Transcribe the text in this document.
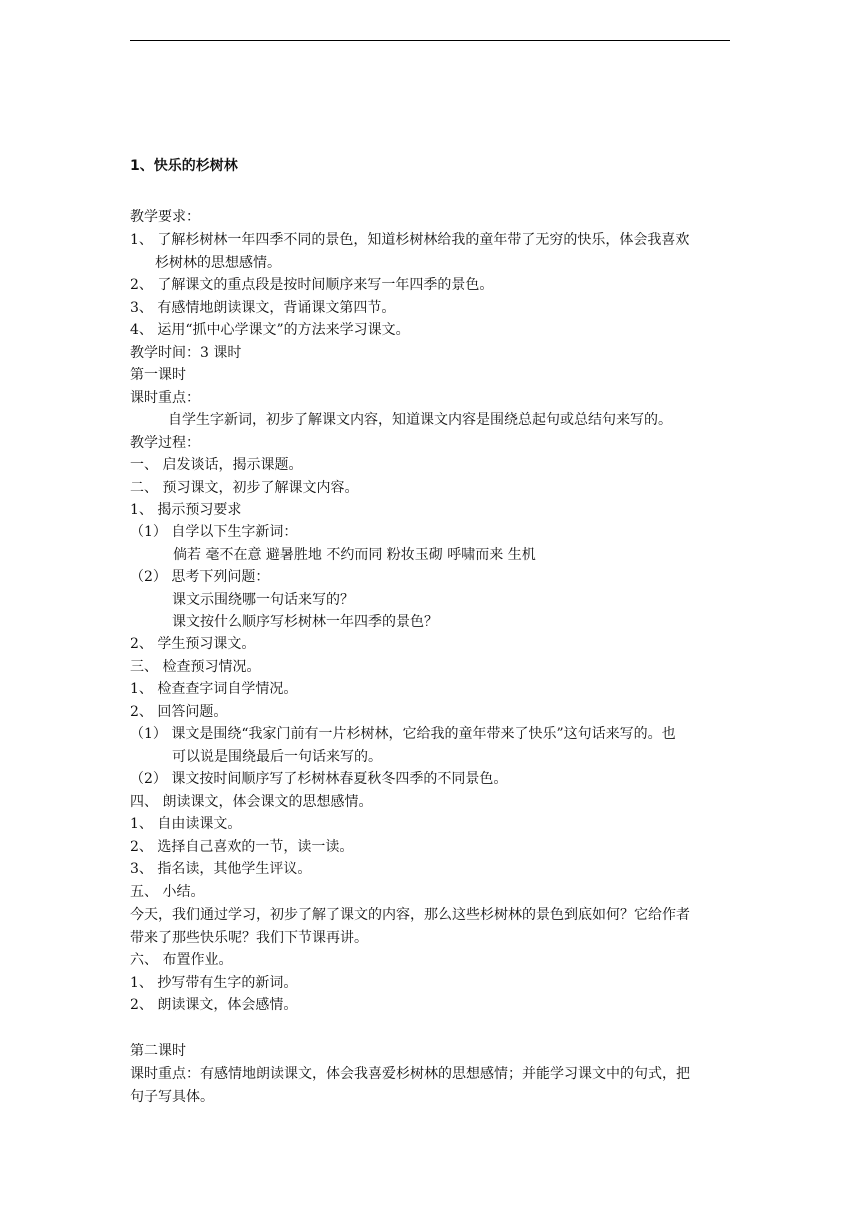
1、快乐的杉树林
教学要求：
1、 了解杉树林一年四季不同的景色，知道杉树林给我的童年带了无穷的快乐，体会我喜欢
杉树林的思想感情。
2、 了解课文的重点段是按时间顺序来写一年四季的景色。
3、 有感情地朗读课文，背诵课文第四节。
4、 运用“抓中心学课文”的方法来学习课文。
教学时间：3 课时
第一课时
课时重点：
自学生字新词，初步了解课文内容，知道课文内容是围绕总起句或总结句来写的。
教学过程：
一、 启发谈话，揭示课题。
二、 预习课文，初步了解课文内容。
1、 揭示预习要求
（1） 自学以下生字新词：
倘若 毫不在意 避暑胜地 不约而同 粉妆玉砌 呼啸而来 生机
（2） 思考下列问题：
课文示围绕哪一句话来写的？
课文按什么顺序写杉树林一年四季的景色？
2、 学生预习课文。
三、 检查预习情况。
1、 检查查字词自学情况。
2、 回答问题。
（1） 课文是围绕“我家门前有一片杉树林，它给我的童年带来了快乐”这句话来写的。也
可以说是围绕最后一句话来写的。
（2） 课文按时间顺序写了杉树林春夏秋冬四季的不同景色。
四、 朗读课文，体会课文的思想感情。
1、 自由读课文。
2、 选择自己喜欢的一节，读一读。
3、 指名读，其他学生评议。
五、 小结。
今天，我们通过学习，初步了解了课文的内容，那么这些杉树林的景色到底如何？它给作者
带来了那些快乐呢？我们下节课再讲。
六、 布置作业。
1、 抄写带有生字的新词。
2、 朗读课文，体会感情。
第二课时
课时重点：有感情地朗读课文，体会我喜爱杉树林的思想感情；并能学习课文中的句式，把
句子写具体。
